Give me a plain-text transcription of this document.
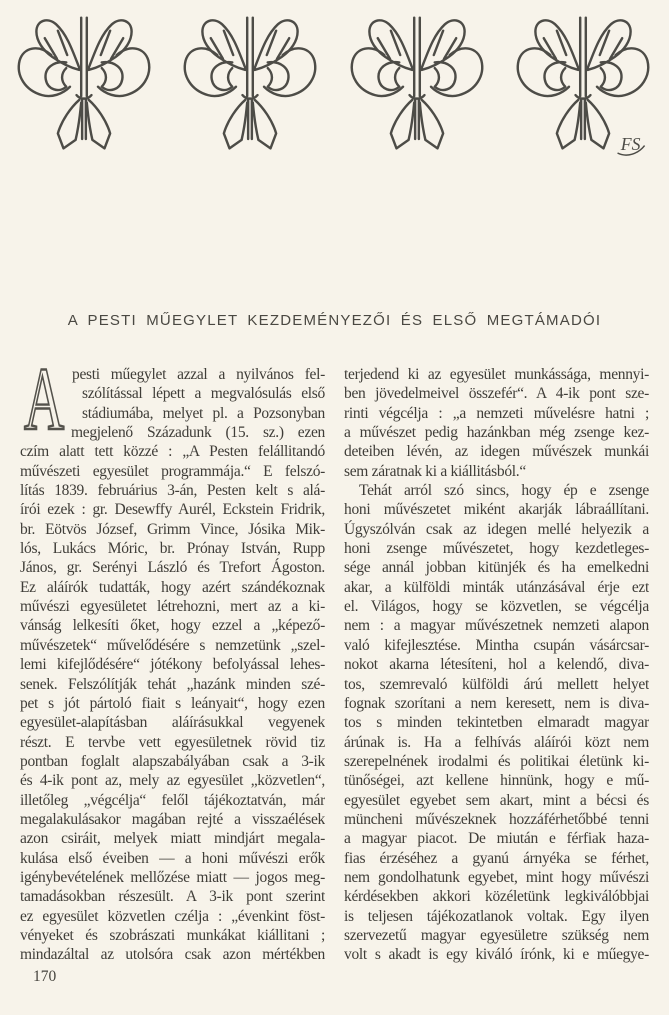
FS
A PESTI MŰEGYLET KEZDEMÉNYEZŐI ÉS ELSŐ MEGTÁMADÓI
A pesti műegylet azzal a nyilvános fel-
szólítással lépett a megvalósulás első
stádiumába, melyet pl. a Pozsonyban
megjelenő Századunk (15. sz.) ezen
czím alatt tett közzé : „A Pesten felállitandó
művészeti egyesület programmája.“ E felszó-
lítás 1839. februárius 3-án, Pesten kelt s alá-
írói ezek : gr. Desewffy Aurél, Eckstein Fridrik,
br. Eötvös József, Grimm Vince, Jósika Mik-
lós, Lukács Móric, br. Prónay István, Rupp
János, gr. Serényi László és Trefort Ágoston.
Ez aláírók tudatták, hogy azért szándékoznak
művészi egyesületet létrehozni, mert az a ki-
vánság lelkesíti őket, hogy ezzel a „képező-
művészetek“ művelődésére s nemzetünk „szel-
lemi kifejlődésére“ jótékony befolyással lehes-
senek. Felszólítják tehát „hazánk minden szé-
pet s jót pártoló fiait s leányait“, hogy ezen
egyesület-alapításban aláírásukkal vegyenek
részt. E tervbe vett egyesületnek rövid tiz
pontban foglalt alapszabályában csak a 3-ik
és 4-ik pont az, mely az egyesület „közvetlen“,
illetőleg „végcélja“ felől tájékoztatván, már
megalakulásakor magában rejté a visszaélések
azon csiráit, melyek miatt mindjárt megala-
kulása első éveiben — a honi művészi erők
igénybevételének mellőzése miatt — jogos meg-
tamadásokban részesült. A 3-ik pont szerint
ez egyesület közvetlen czélja : „évenkint föst-
vényeket és szobrászati munkákat kiállitani ;
mindazáltal az utolsóra csak azon mértékben
terjedend ki az egyesület munkássága, mennyi-
ben jövedelmeivel összefér“. A 4-ik pont sze-
rinti végcélja : „a nemzeti művelésre hatni ;
a művészet pedig hazánkban még zsenge kez-
deteiben lévén, az idegen művészek munkái
sem záratnak ki a kiállitásból.“
Tehát arról szó sincs, hogy ép e zsenge
honi művészetet miként akarják lábraállítani.
Úgyszólván csak az idegen mellé helyezik a
honi zsenge művészetet, hogy kezdetleges-
sége annál jobban kitünjék és ha emelkedni
akar, a külföldi minták utánzásával érje ezt
el. Világos, hogy se közvetlen, se végcélja
nem : a magyar művészetnek nemzeti alapon
való kifejlesztése. Mintha csupán vásárcsar-
nokot akarna létesíteni, hol a kelendő, diva-
tos, szemrevaló külföldi árú mellett helyet
fognak szorítani a nem keresett, nem is diva-
tos s minden tekintetben elmaradt magyar
árúnak is. Ha a felhívás aláírói közt nem
szerepelnének irodalmi és politikai életünk ki-
tünőségei, azt kellene hinnünk, hogy e mű-
egyesület egyebet sem akart, mint a bécsi és
müncheni művészeknek hozzáférhetőbbé tenni
a magyar piacot. De miután e férfiak haza-
fias érzéséhez a gyanú árnyéka se férhet,
nem gondolhatunk egyebet, mint hogy művészi
kérdésekben akkori közéletünk legkiválóbbjai
is teljesen tájékozatlanok voltak. Egy ilyen
szervezetű magyar egyesületre szükség nem
volt s akadt is egy kiváló írónk, ki e műegye-
170
